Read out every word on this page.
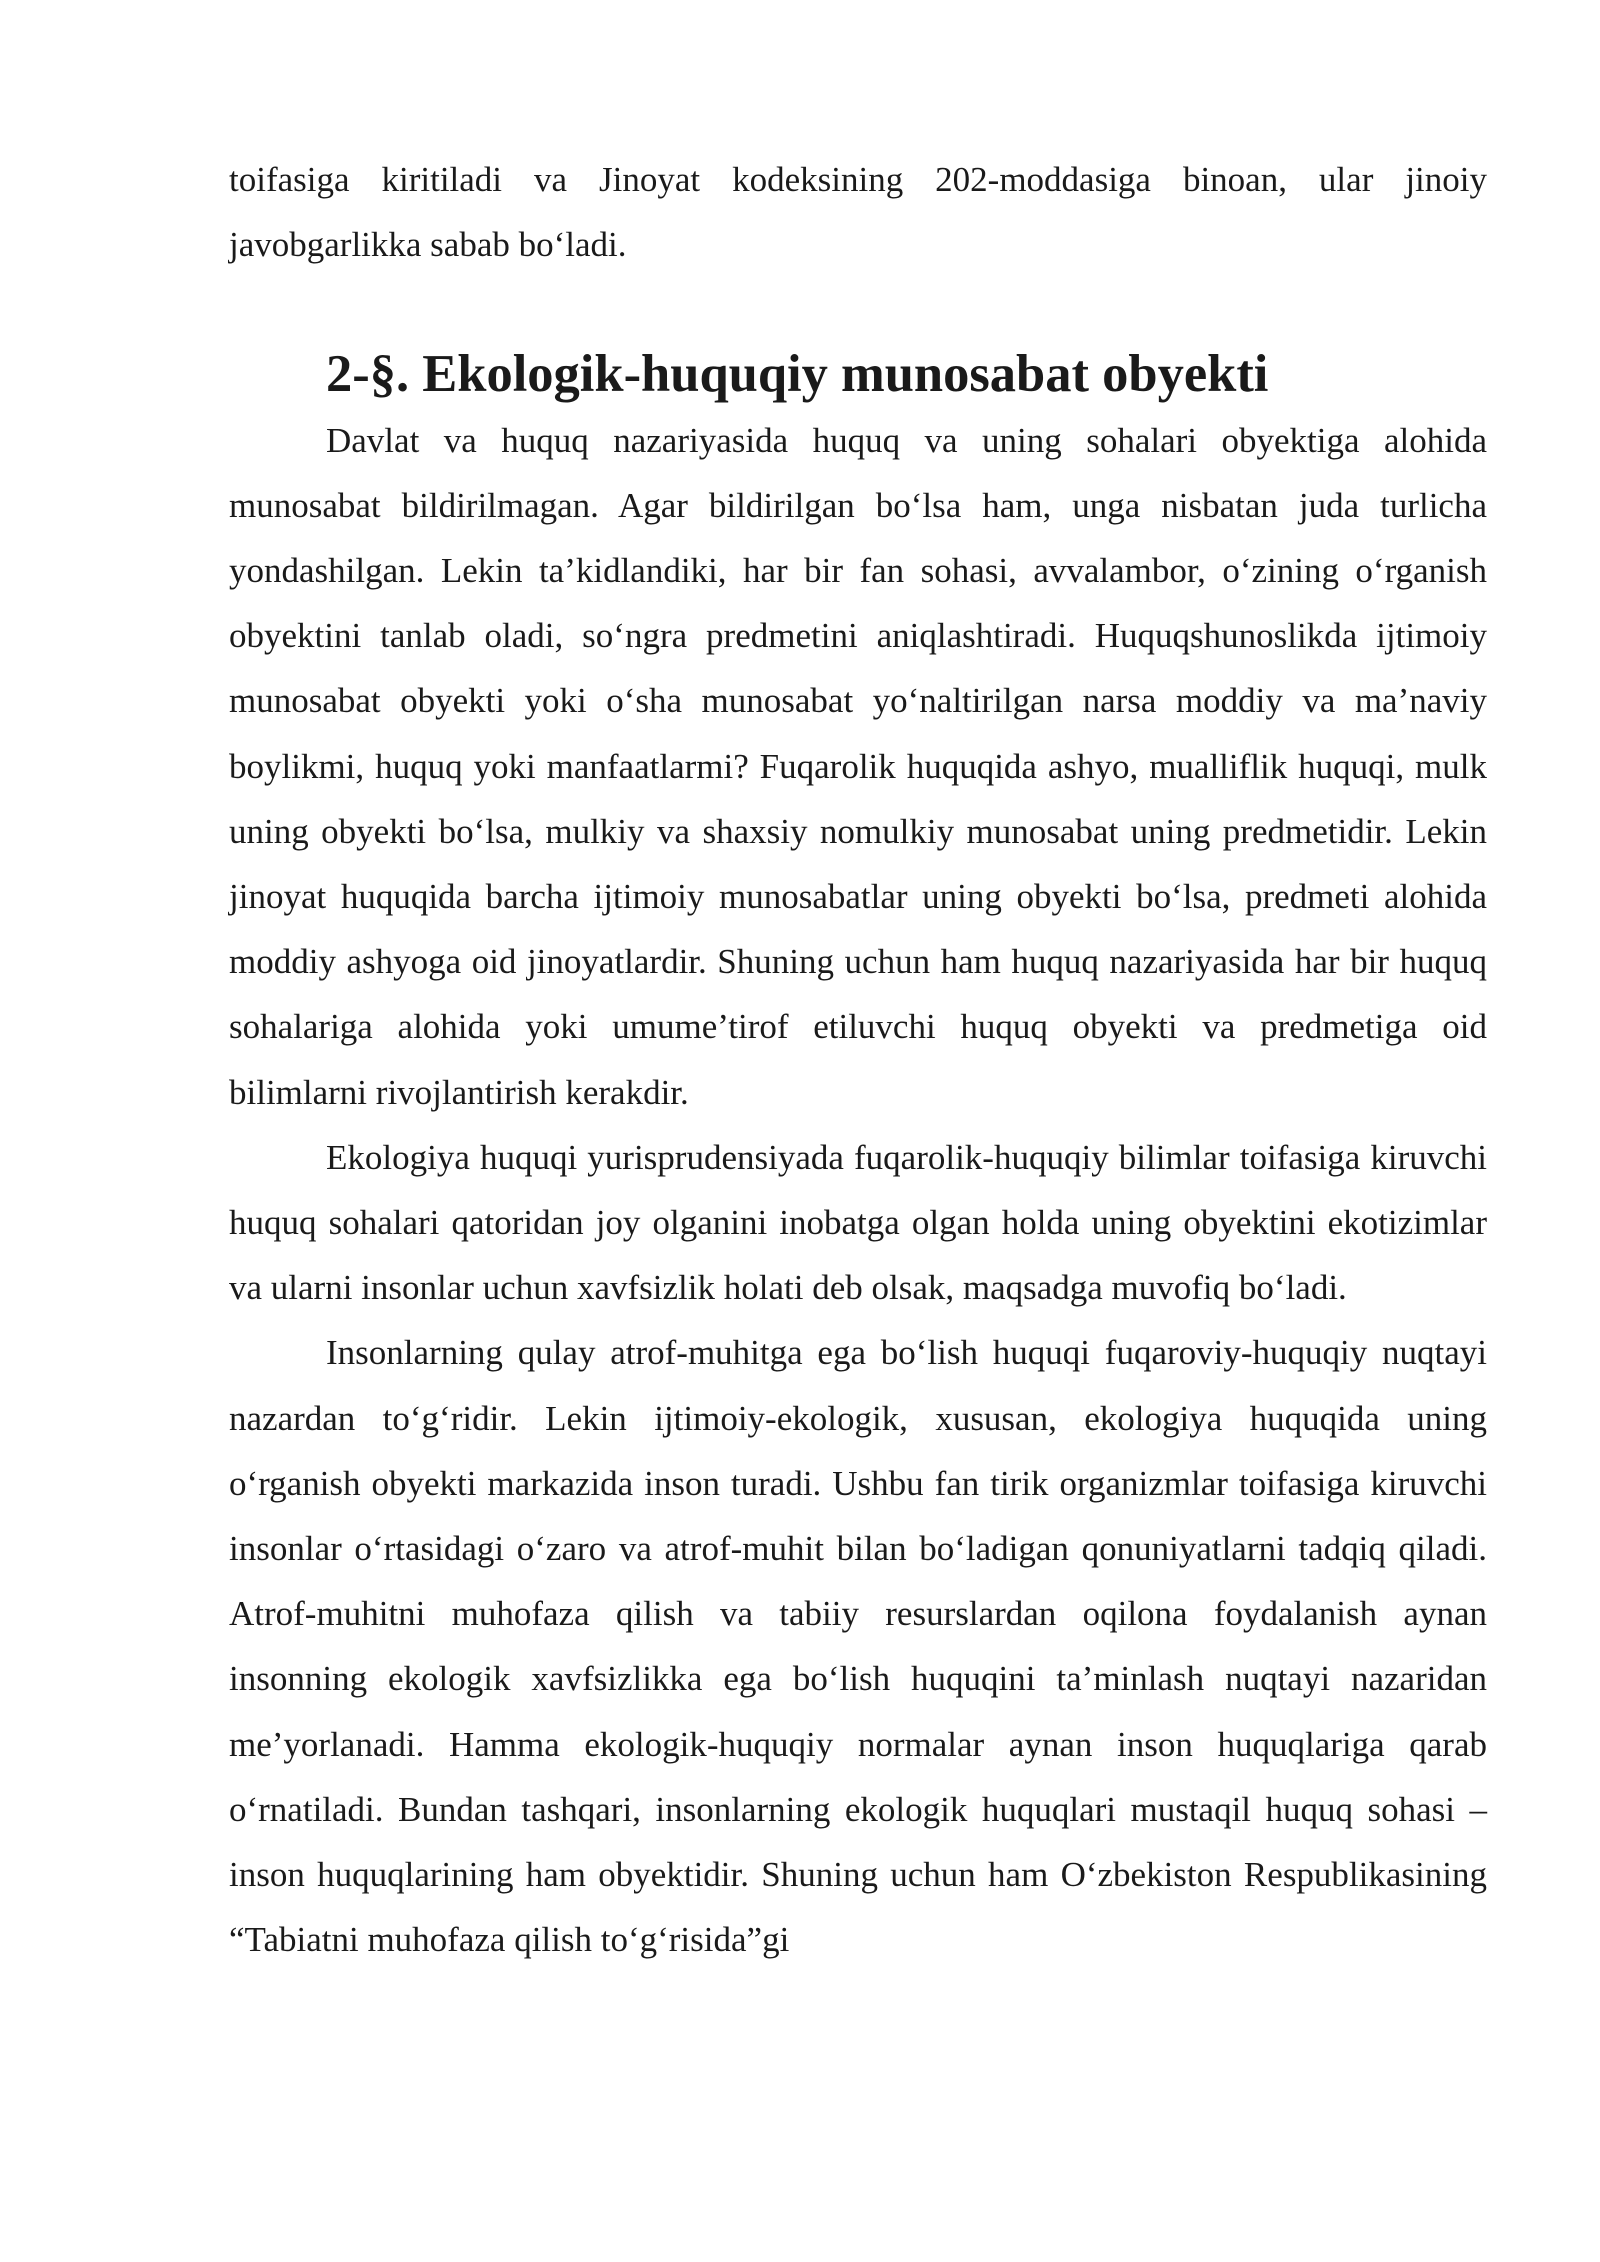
toifasiga kiritiladi va Jinoyat kodeksining 202-moddasiga binoan, ular jinoiy javobgarlikka sabab bo‘ladi.

2-§. Ekologik-huquqiy munosabat obyekti

Davlat va huquq nazariyasida huquq va uning sohalari obyektiga alohida munosabat bildirilmagan. Agar bildirilgan bo‘lsa ham, unga nisbatan juda turlicha yondashilgan. Lekin ta’kidlandiki, har bir fan sohasi, avvalambor, o‘zining o‘rganish obyektini tanlab oladi, so‘ngra predmetini aniqlashtiradi. Huquqshunoslikda ijtimoiy munosabat obyekti yoki o‘sha munosabat yo‘naltirilgan narsa moddiy va ma’naviy boylikmi, huquq yoki manfaatlarmi? Fuqarolik huquqida ashyo, mualliflik huquqi, mulk uning obyekti bo‘lsa, mulkiy va shaxsiy nomulkiy munosabat uning predmetidir. Lekin jinoyat huquqida barcha ijtimoiy munosabatlar uning obyekti bo‘lsa, predmeti alohida moddiy ashyoga oid jinoyatlardir. Shuning uchun ham huquq nazariyasida har bir huquq sohalariga alohida yoki umume’tirof etiluvchi huquq obyekti va predmetiga oid bilimlarni rivojlantirish kerakdir.

Ekologiya huquqi yurisprudensiyada fuqarolik-huquqiy bilimlar toifasiga kiruvchi huquq sohalari qatoridan joy olganini inobatga olgan holda uning obyektini ekotizimlar va ularni insonlar uchun xavfsizlik holati deb olsak, maqsadga muvofiq bo‘ladi.

Insonlarning qulay atrof-muhitga ega bo‘lish huquqi fuqaroviy-huquqiy nuqtayi nazardan to‘g‘ridir. Lekin ijtimoiy-ekologik, xususan, ekologiya huquqida uning o‘rganish obyekti markazida inson turadi. Ushbu fan tirik organizmlar toifasiga kiruvchi insonlar o‘rtasidagi o‘zaro va atrof-muhit bilan bo‘ladigan qonuniyatlarni tadqiq qiladi. Atrof-muhitni muhofaza qilish va tabiiy resurslardan oqilona foydalanish aynan insonning ekologik xavfsizlikka ega bo‘lish huquqini ta’minlash nuqtayi nazaridan me’yorlanadi. Hamma ekologik-huquqiy normalar aynan inson huquqlariga qarab o‘rnatiladi. Bundan tashqari, insonlarning ekologik huquqlari mustaqil huquq sohasi – inson huquqlarining ham obyektidir. Shuning uchun ham O‘zbekiston Respublikasining “Tabiatni muhofaza qilish to‘g‘risida”gi
